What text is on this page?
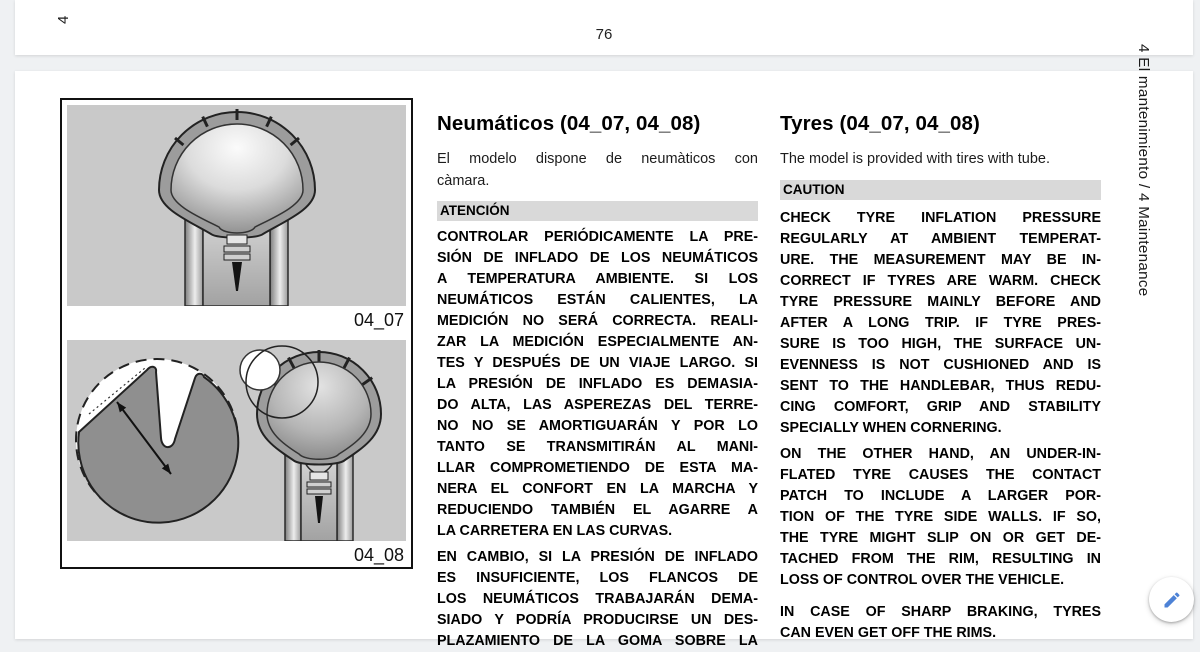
4
76
04_07
04_08
Neumáticos (04_07, 04_08)
El modelo dispone de neumàticos con
càmara.
ATENCIÓN
CONTROLAR PERIÓDICAMENTE LA PRE-
SIÓN DE INFLADO DE LOS NEUMÁTICOS
A TEMPERATURA AMBIENTE. SI LOS
NEUMÁTICOS ESTÁN CALIENTES, LA
MEDICIÓN NO SERÁ CORRECTA. REALI-
ZAR LA MEDICIÓN ESPECIALMENTE AN-
TES Y DESPUÉS DE UN VIAJE LARGO. SI
LA PRESIÓN DE INFLADO ES DEMASIA-
DO ALTA, LAS ASPEREZAS DEL TERRE-
NO NO SE AMORTIGUARÁN Y POR LO
TANTO SE TRANSMITIRÁN AL MANI-
LLAR COMPROMETIENDO DE ESTA MA-
NERA EL CONFORT EN LA MARCHA Y
REDUCIENDO TAMBIÉN EL AGARRE A
LA CARRETERA EN LAS CURVAS.
EN CAMBIO, SI LA PRESIÓN DE INFLADO
ES INSUFICIENTE, LOS FLANCOS DE
LOS NEUMÁTICOS TRABAJARÁN DEMA-
SIADO Y PODRÍA PRODUCIRSE UN DES-
PLAZAMIENTO DE LA GOMA SOBRE LA
Tyres (04_07, 04_08)
The model is provided with tires with tube.
CAUTION
CHECK TYRE INFLATION PRESSURE
REGULARLY AT AMBIENT TEMPERAT-
URE. THE MEASUREMENT MAY BE IN-
CORRECT IF TYRES ARE WARM. CHECK
TYRE PRESSURE MAINLY BEFORE AND
AFTER A LONG TRIP. IF TYRE PRES-
SURE IS TOO HIGH, THE SURFACE UN-
EVENNESS IS NOT CUSHIONED AND IS
SENT TO THE HANDLEBAR, THUS REDU-
CING COMFORT, GRIP AND STABILITY
SPECIALLY WHEN CORNERING.
ON THE OTHER HAND, AN UNDER-IN-
FLATED TYRE CAUSES THE CONTACT
PATCH TO INCLUDE A LARGER POR-
TION OF THE TYRE SIDE WALLS. IF SO,
THE TYRE MIGHT SLIP ON OR GET DE-
TACHED FROM THE RIM, RESULTING IN
LOSS OF CONTROL OVER THE VEHICLE.
IN CASE OF SHARP BRAKING, TYRES
CAN EVEN GET OFF THE RIMS.
4 El mantenimiento / 4 Maintenance
